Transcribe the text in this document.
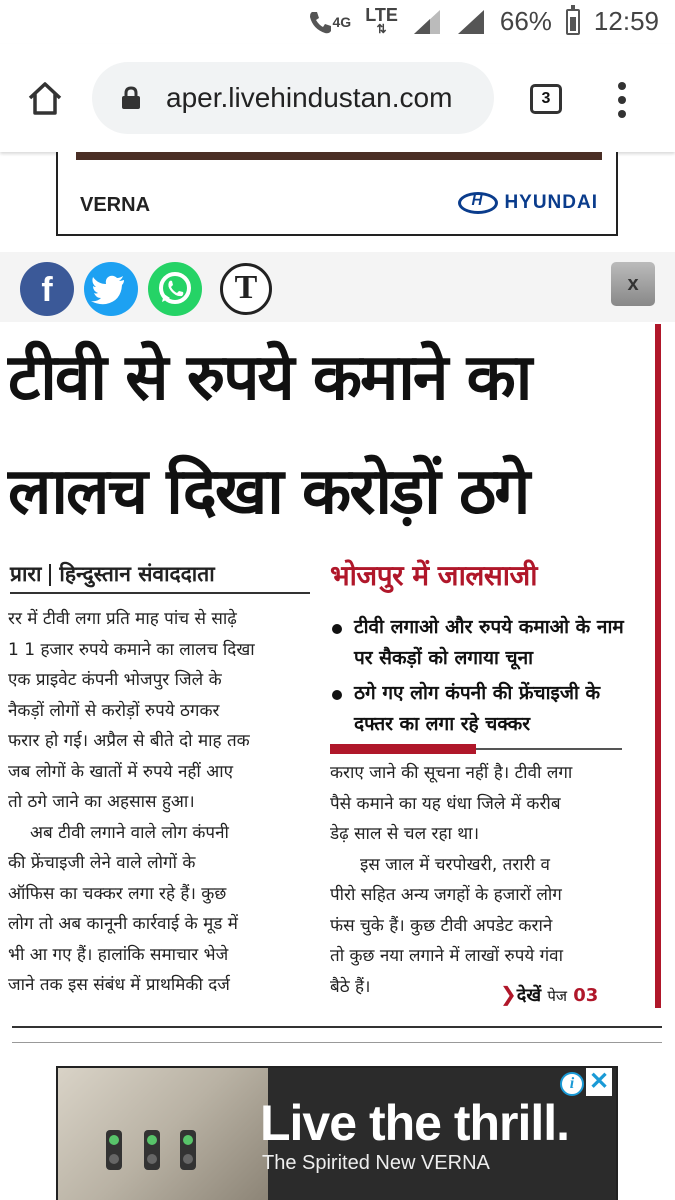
4G LTE
⇅	66% 12:59
aper.livehindustan.com	3
VERNA
H	HYUNDAI
f	T	x
टीवी से रुपये कमाने का
लालच दिखा करोड़ों ठगे
प्रारा हिन्दुस्तान संवाददाता

रर में टीवी लगा प्रति माह पांच से साढ़े

1 1 हजार रुपये कमाने का लालच दिखा

एक प्राइवेट कंपनी भोजपुर जिले के

नैकड़ों लोगों से करोड़ों रुपये ठगकर

फरार हो गई। अप्रैल से बीते दो माह तक

जब लोगों के खातों में रुपये नहीं आए

तो ठगे जाने का अहसास हुआ।

अब टीवी लगाने वाले लोग कंपनी

की फ्रेंचाइजी लेने वाले लोगों के

ऑफिस का चक्कर लगा रहे हैं। कुछ

लोग तो अब कानूनी कार्रवाई के मूड में

भी आ गए हैं। हालांकि समाचार भेजे

जाने तक इस संबंध में प्राथमिकी दर्ज

भोजपुर में जालसाजी
टीवी लगाओ और रुपये कमाओ के नाम पर सैकड़ों को लगाया चूना
ठगे गए लोग कंपनी की फ्रेंचाइजी के दफ्तर का लगा रहे चक्कर

कराए जाने की सूचना नहीं है। टीवी लगा

पैसे कमाने का यह धंधा जिले में करीब

डेढ़ साल से चल रहा था।

इस जाल में चरपोखरी, तरारी व

पीरो सहित अन्य जगहों के हजारों लोग

फंस चुके हैं। कुछ टीवी अपडेट कराने

तो कुछ नया लगाने में लाखों रुपये गंवा

बैठे हैं।	❯देखें पेज 03
Live the thrill.
The Spirited New VERNA
i ✕
